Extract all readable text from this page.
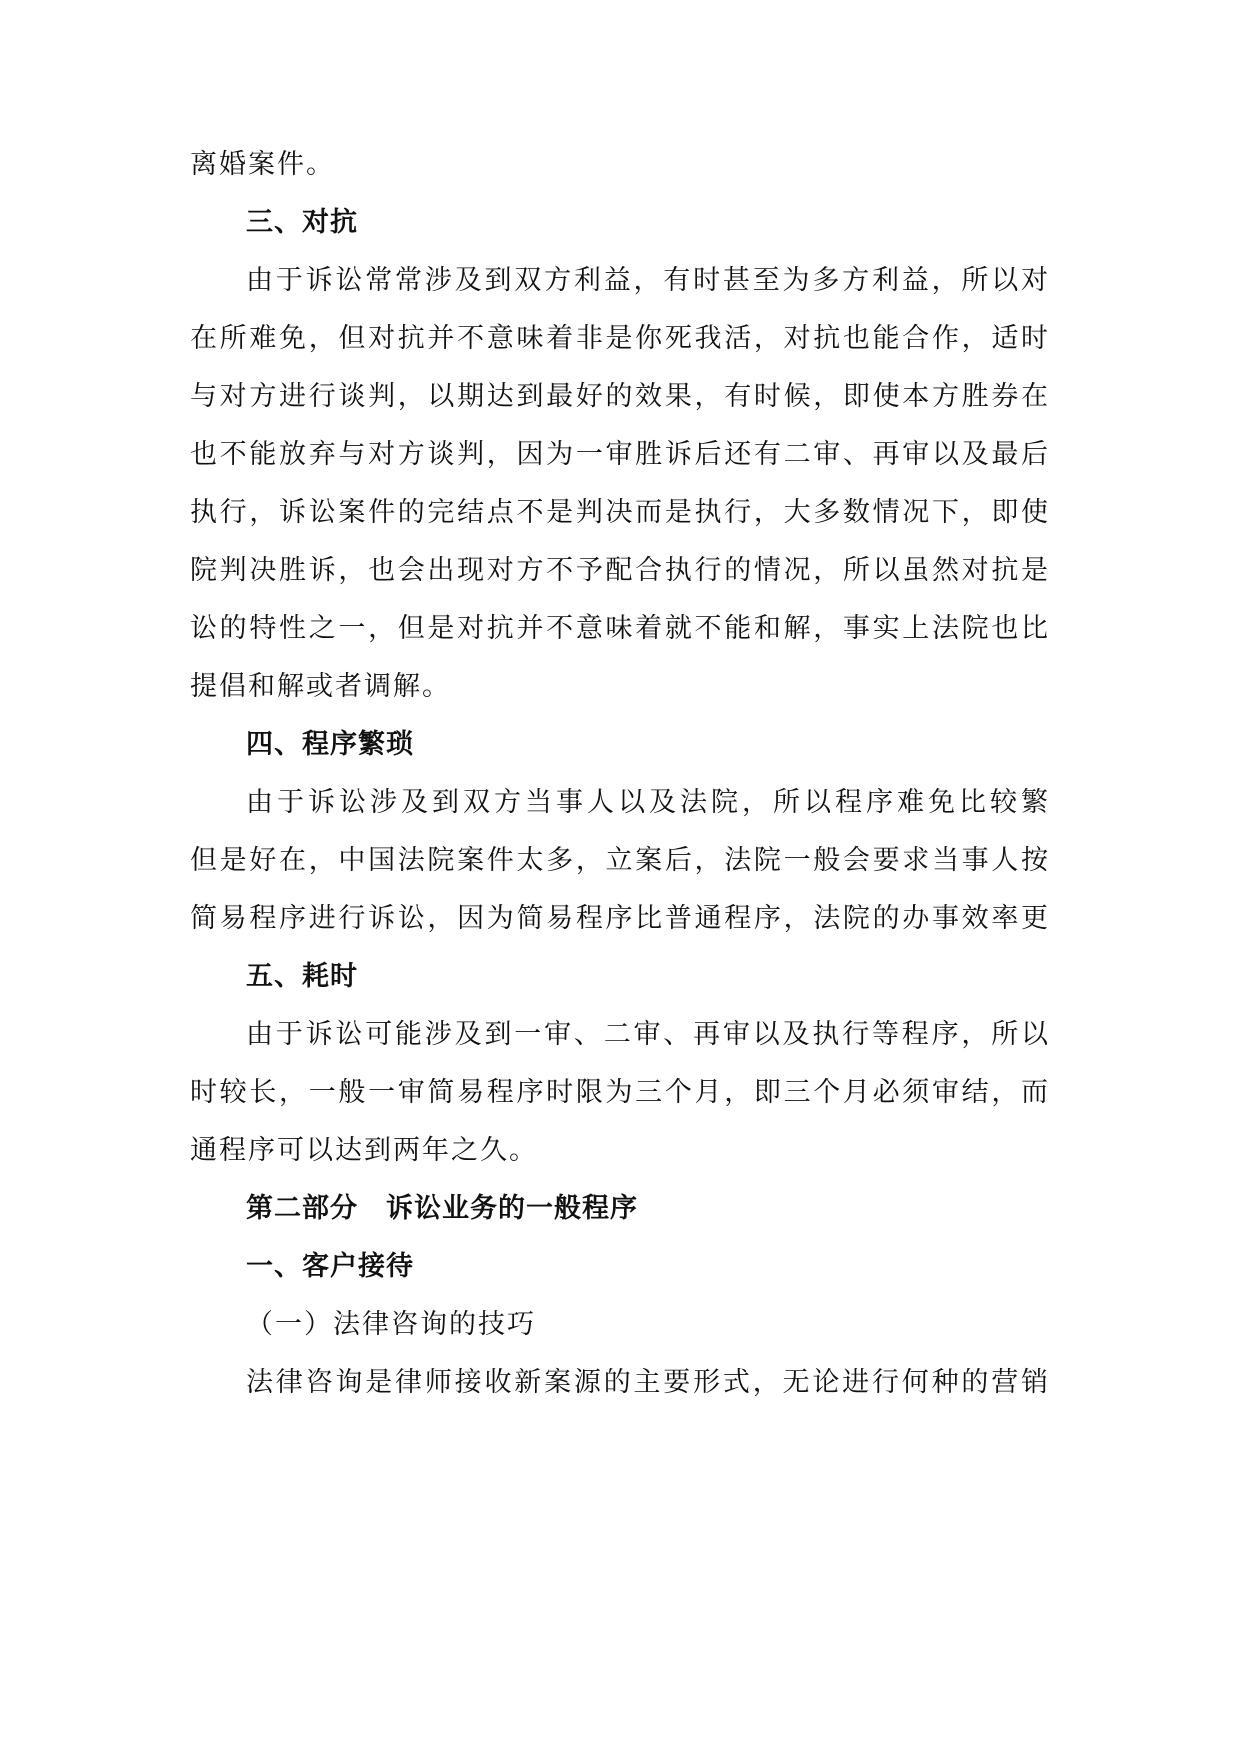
离婚案件。
三、对抗
由于诉讼常常涉及到双方利益，有时甚至为多方利益，所以对
在所难免，但对抗并不意味着非是你死我活，对抗也能合作，适时
与对方进行谈判，以期达到最好的效果，有时候，即使本方胜券在
也不能放弃与对方谈判，因为一审胜诉后还有二审、再审以及最后
执行，诉讼案件的完结点不是判决而是执行，大多数情况下，即使
院判决胜诉，也会出现对方不予配合执行的情况，所以虽然对抗是
讼的特性之一，但是对抗并不意味着就不能和解，事实上法院也比
提倡和解或者调解。
四、程序繁琐
由于诉讼涉及到双方当事人以及法院，所以程序难免比较繁
但是好在，中国法院案件太多，立案后，法院一般会要求当事人按
简易程序进行诉讼，因为简易程序比普通程序，法院的办事效率更
五、耗时
由于诉讼可能涉及到一审、二审、再审以及执行等程序，所以
时较长，一般一审简易程序时限为三个月，即三个月必须审结，而
通程序可以达到两年之久。
第二部分　诉讼业务的一般程序
一、客户接待
（一）法律咨询的技巧
法律咨询是律师接收新案源的主要形式，无论进行何种的营销
